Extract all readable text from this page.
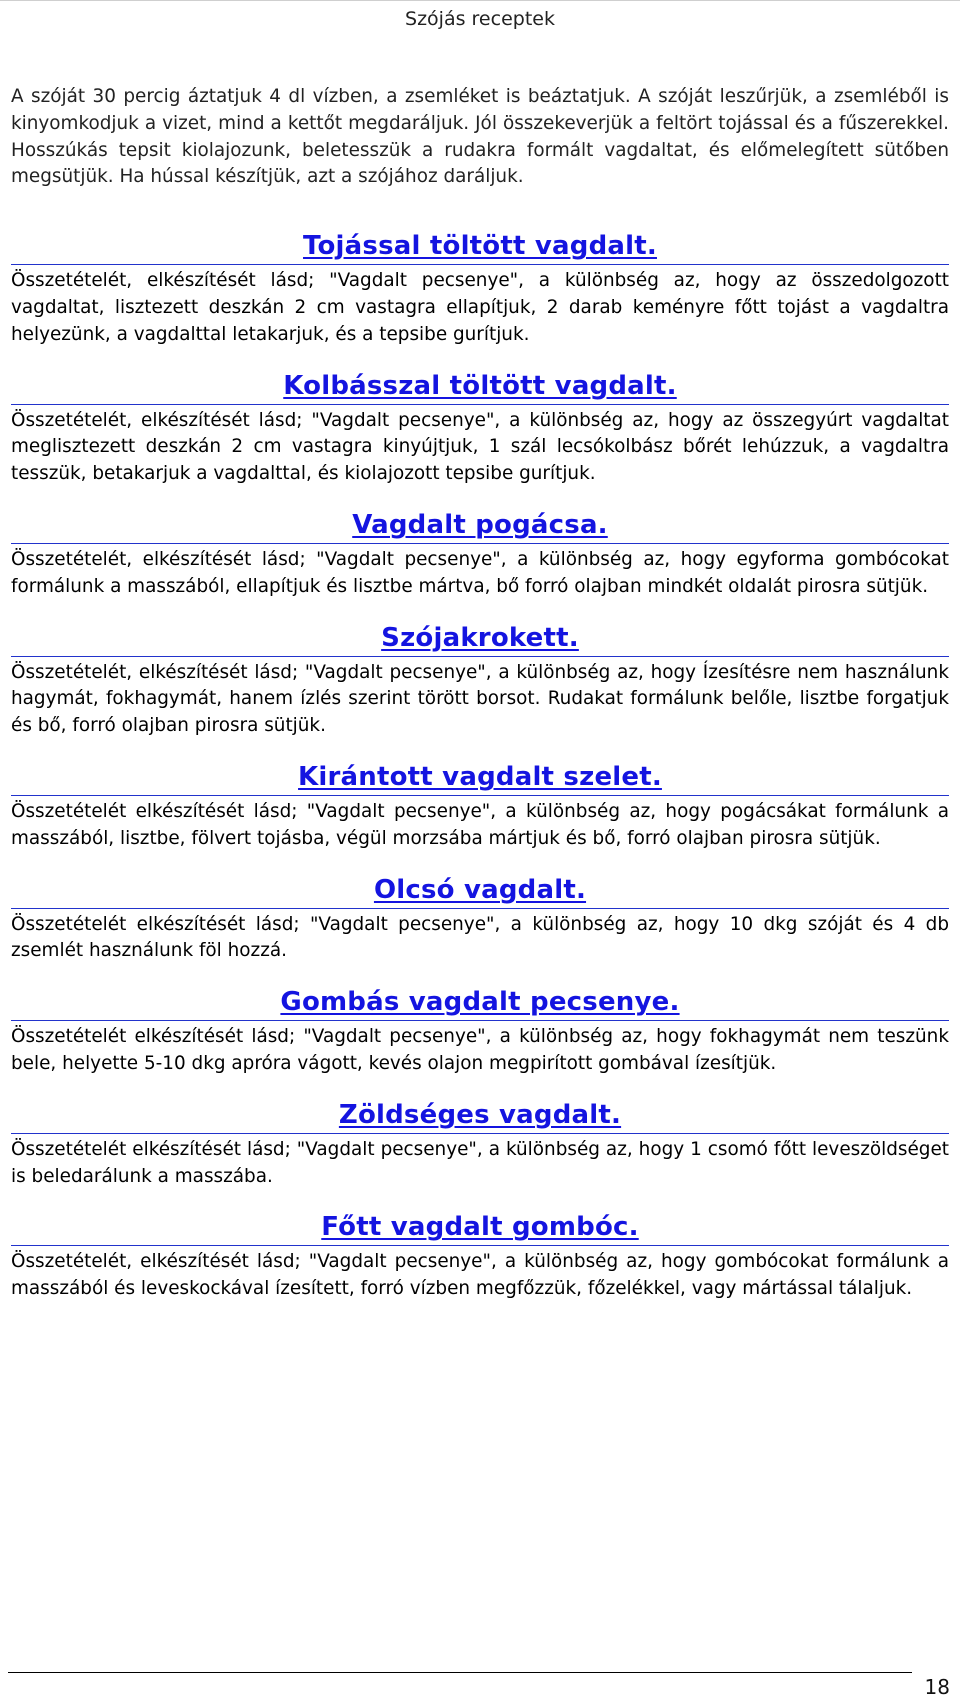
Szójás receptek

A szóját 30 percig áztatjuk 4 dl vízben, a zsemléket is beáztatjuk. A szóját leszűrjük, a zsemléből is kinyomkodjuk a vizet, mind a kettőt megdaráljuk. Jól összekeverjük a feltört tojással és a fűszerekkel. Hosszúkás tepsit kiolajozunk, beletesszük a rudakra formált vagdaltat, és előmelegített sütőben megsütjük. Ha hússal készítjük, azt a szójához daráljuk.

Tojással töltött vagdalt.

Összetételét, elkészítését lásd; "Vagdalt pecsenye", a különbség az, hogy az összedolgozott vagdaltat, lisztezett deszkán 2 cm vastagra ellapítjuk, 2 darab keményre főtt tojást a vagdaltra helyezünk, a vagdalttal letakarjuk, és a tepsibe gurítjuk.

Kolbásszal töltött vagdalt.

Összetételét, elkészítését lásd; "Vagdalt pecsenye", a különbség az, hogy az összegyúrt vagdaltat meglisztezett deszkán 2 cm vastagra kinyújtjuk, 1 szál lecsókolbász bőrét lehúzzuk, a vagdaltra tesszük, betakarjuk a vagdalttal, és kiolajozott tepsibe gurítjuk.

Vagdalt pogácsa.

Összetételét, elkészítését lásd; "Vagdalt pecsenye", a különbség az, hogy egyforma gombócokat formálunk a masszából, ellapítjuk és lisztbe mártva, bő forró olajban mindkét oldalát pirosra sütjük.

Szójakrokett.

Összetételét, elkészítését lásd; "Vagdalt pecsenye", a különbség az, hogy Ízesítésre nem használunk hagymát, fokhagymát, hanem ízlés szerint törött borsot. Rudakat formálunk belőle, lisztbe forgatjuk és bő, forró olajban pirosra sütjük.

Kirántott vagdalt szelet.

Összetételét elkészítését lásd; "Vagdalt pecsenye", a különbség az, hogy pogácsákat formálunk a masszából, lisztbe, fölvert tojásba, végül morzsába mártjuk és bő, forró olajban pirosra sütjük.

Olcsó vagdalt.

Összetételét elkészítését lásd; "Vagdalt pecsenye", a különbség az, hogy 10 dkg szóját és 4 db zsemlét használunk föl hozzá.

Gombás vagdalt pecsenye.

Összetételét elkészítését lásd; "Vagdalt pecsenye", a különbség az, hogy fokhagymát nem teszünk bele, helyette 5-10 dkg apróra vágott, kevés olajon megpirított gombával ízesítjük.

Zöldséges vagdalt.

Összetételét elkészítését lásd; "Vagdalt pecsenye", a különbség az, hogy 1 csomó főtt leveszöldséget is beledarálunk a masszába.

Főtt vagdalt gombóc.

Összetételét, elkészítését lásd; "Vagdalt pecsenye", a különbség az, hogy gombócokat formálunk a masszából és leveskockával ízesített, forró vízben megfőzzük, főzelékkel, vagy mártással tálaljuk.

18
